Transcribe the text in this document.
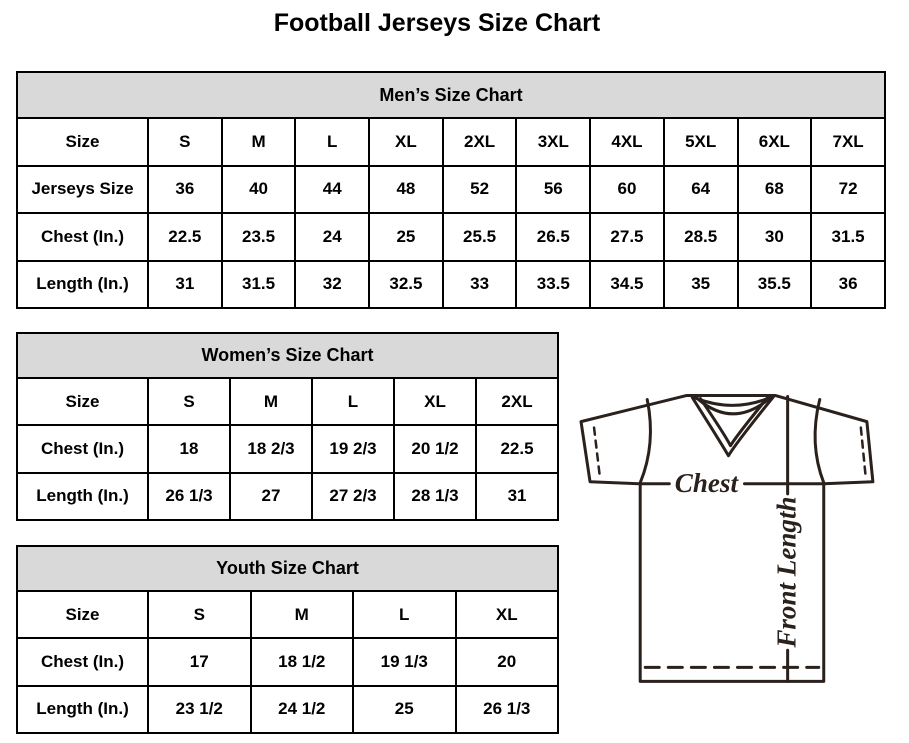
Football Jerseys Size Chart
Men’s Size Chart										
Size	S	M	L	XL	2XL	3XL	4XL	5XL	6XL	7XL
Jerseys Size	36	40	44	48	52	56	60	64	68	72
Chest (In.)	22.5	23.5	24	25	25.5	26.5	27.5	28.5	30	31.5
Length (In.)	31	31.5	32	32.5	33	33.5	34.5	35	35.5	36
Women’s Size Chart					
Size	S	M	L	XL	2XL
Chest (In.)	18	18 2/3	19 2/3	20 1/2	22.5
Length (In.)	26 1/3	27	27 2/3	28 1/3	31
Youth Size Chart				
Size	S	M	L	XL
Chest (In.)	17	18 1/2	19 1/3	20
Length (In.)	23 1/2	24 1/2	25	26 1/3
Chest
Front Length
